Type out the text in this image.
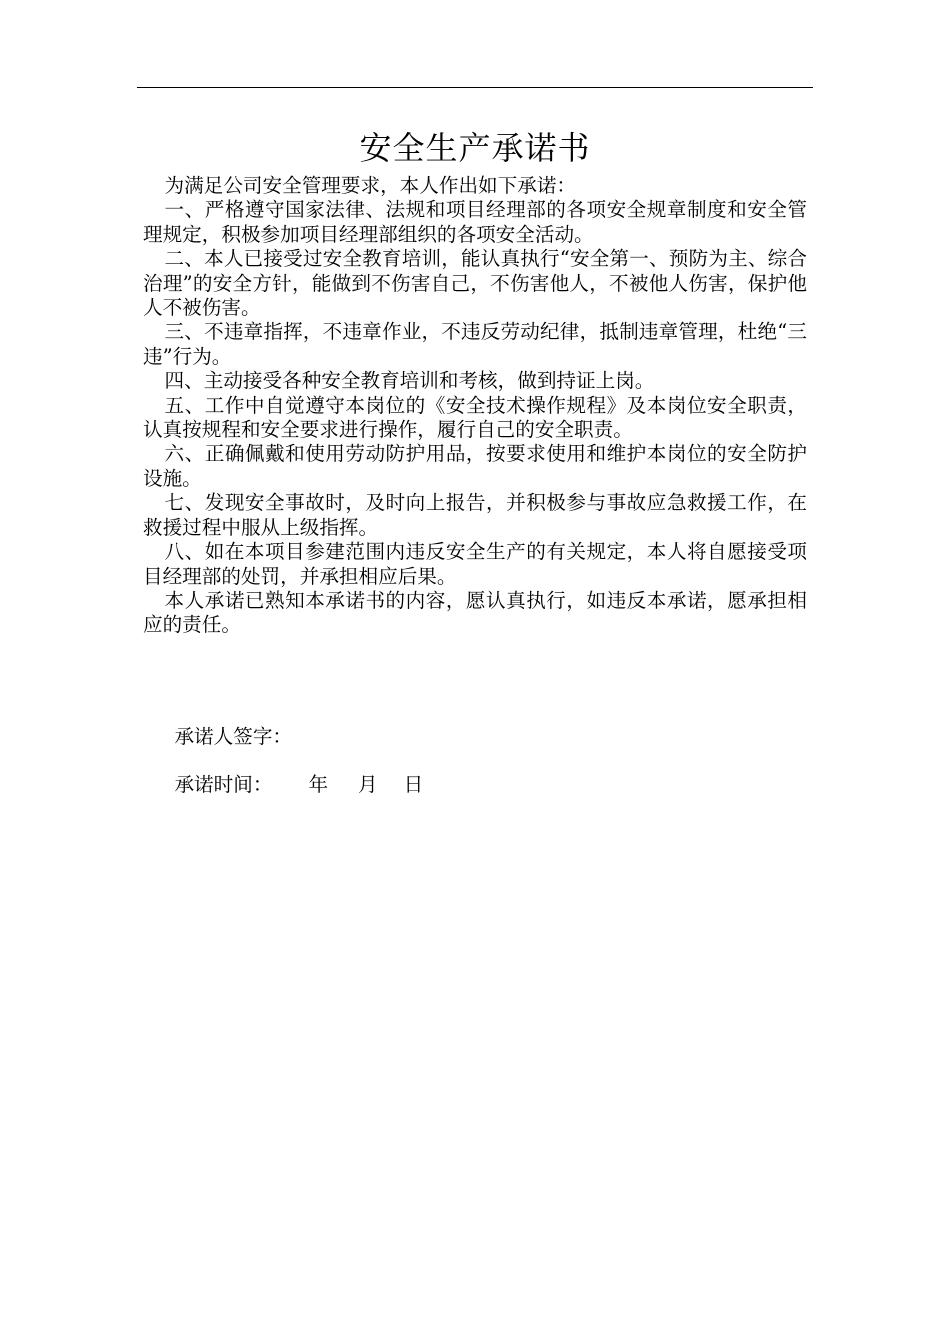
安全生产承诺书

为满足公司安全管理要求，本人作出如下承诺：

一、严格遵守国家法律、法规和项目经理部的各项安全规章制度和安全管理规定，积极参加项目经理部组织的各项安全活动。

二、本人已接受过安全教育培训，能认真执行“安全第一、预防为主、综合治理”的安全方针，能做到不伤害自己，不伤害他人，不被他人伤害，保护他人不被伤害。

三、不违章指挥，不违章作业，不违反劳动纪律，抵制违章管理，杜绝“三违”行为。

四、主动接受各种安全教育培训和考核，做到持证上岗。

五、工作中自觉遵守本岗位的《安全技术操作规程》及本岗位安全职责，认真按规程和安全要求进行操作，履行自己的安全职责。

六、正确佩戴和使用劳动防护用品，按要求使用和维护本岗位的安全防护设施。

七、发现安全事故时，及时向上报告，并积极参与事故应急救援工作，在救援过程中服从上级指挥。

八、如在本项目参建范围内违反安全生产的有关规定，本人将自愿接受项目经理部的处罚，并承担相应后果。

本人承诺已熟知本承诺书的内容，愿认真执行，如违反本承诺，愿承担相应的责任。

承诺人签字：

承诺时间： 年 月 日
